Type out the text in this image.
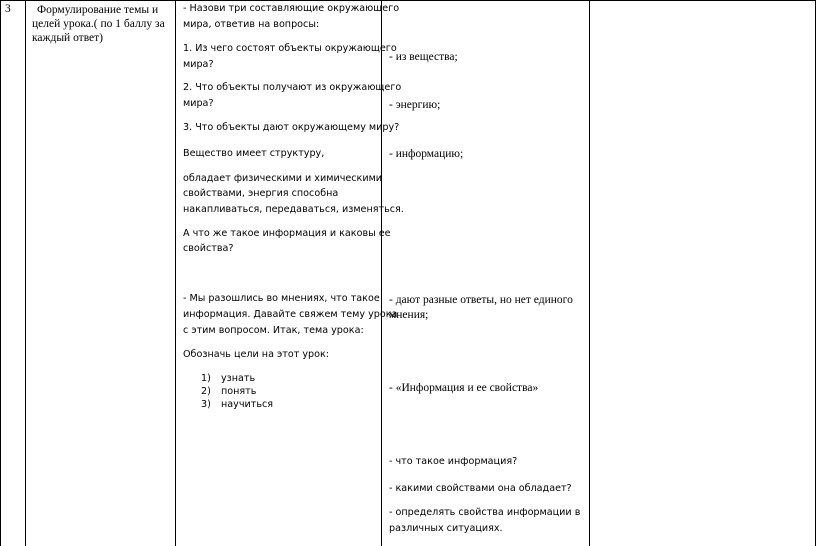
3 Формулирование темы и
целей урока.( по 1 баллу за
каждый ответ)
- Назови три составляющие окружающего
мира, ответив на вопросы:
1. Из чего состоят объекты окружающего
мира?
2. Что объекты получают из окружающего
мира?
3. Что объекты дают окружающему миру?
Вещество имеет структуру,
обладает физическими и химическими
свойствами, энергия способна
накапливаться, передаваться, изменяться.
А что же такое информация и каковы ее
свойства?
- Мы разошлись во мнениях, что такое
информация. Давайте свяжем тему урока
с этим вопросом. Итак, тема урока:
Обозначь цели на этот урок:
1) узнать
2) понять
3) научиться
- из вещества;
- энергию;
- информацию;
- дают разные ответы, но нет единого
мнения;
- «Информация и ее свойства»
- что такое информация?
- какими свойствами она обладает?
- определять свойства информации в
различных ситуациях.
